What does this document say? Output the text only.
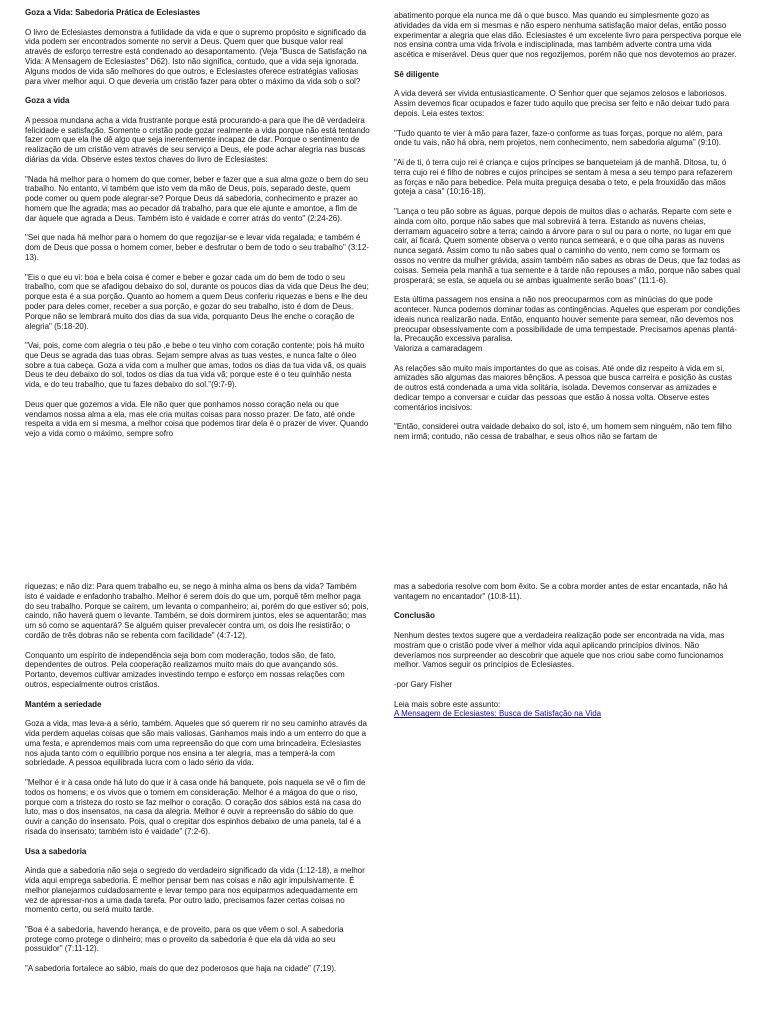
Goza a Vida: Sabedoria Prática de Eclesiastes

O livro de Eclesiastes demonstra a futilidade da vida e que o supremo propósito e significado da vida podem ser encontrados somente no servir a Deus. Quem quer que busque valor real através de esforço terrestre está condenado ao desapontamento. (Veja "Busca de Satisfação na Vida: A Mensagem de Eclesiastes" D62). Isto não significa, contudo, que a vida seja ignorada. Alguns modos de vida são melhores do que outros, e Eclesiastes oferece estratégias valiosas para viver melhor aqui. O que deveria um cristão fazer para obter o máximo da vida sob o sol?

Goza a vida

A pessoa mundana acha a vida frustrante porque está procurando-a para que lhe dê verdadeira felicidade e satisfação. Somente o cristão pode gozar realmente a vida porque não está tentando fazer com que ela lhe dê algo que seja inerentemente incapaz de dar. Porque o sentimento de realização de um cristão vem através de seu serviço a Deus, ele pode achar alegria nas buscas diárias da vida. Observe estes textos chaves do livro de Eclesiastes:

"Nada há melhor para o homem do que comer, beber e fazer que a sua alma goze o bem do seu trabalho. No entanto, vi também que isto vem da mão de Deus, pois, separado deste, quem pode comer ou quem pode alegrar-se? Porque Deus dá sabedoria, conhecimento e prazer ao homem que lhe agrada; mas ao pecador dá trabalho, para que ele ajunte e amontoe, a fim de dar àquele que agrada a Deus. Também isto é vaidade e correr atrás do vento" (2:24-26).

"Sei que nada há melhor para o homem do que regozijar-se e levar vida regalada; e também é dom de Deus que possa o homem comer, beber e desfrutar o bem de todo o seu trabalho" (3:12-13).

"Eis o que eu vi: boa e bela coisa é comer e beber e gozar cada um do bem de todo o seu trabalho, com que se afadigou debaixo do sol, durante os poucos dias da vida que Deus lhe deu; porque esta é a sua porção. Quanto ao homem a quem Deus conferiu riquezas e bens e lhe deu poder para deles comer, receber a sua porção, e gozar do seu trabalho, isto é dom de Deus. Porque não se lembrará muito dos dias da sua vida, porquanto Deus lhe enche o coração de alegria" (5:18-20).

"Vai, pois, come com alegria o teu pão ,e bebe o teu vinho com coração contente; pois há muito que Deus se agrada das tuas obras. Sejam sempre alvas as tuas vestes, e nunca falte o óleo sobre a tua cabeça. Goza a vida com a mulher que amas, todos os dias da tua vida vã, os quais Deus te deu debaixo do sol, todos os dias da tua vida vã; porque este é o teu quinhão nesta vida, e do teu trabalho, que tu fazes debaixo do sol."(9:7-9).

Deus quer que gozemos a vida. Ele não quer que ponhamos nosso coração nela ou que vendamos nossa alma a ela, mas ele cria muitas coisas para nosso prazer. De fato, até onde respeita a vida em si mesma, a melhor coisa que podemos tirar dela é o prazer de viver. Quando vejo a vida como o máximo, sempre sofro

abatimento porque ela nunca me dá o que busco. Mas quando eu simplesmente gozo as atividades da vida em si mesmas e não espero nenhuma satisfação maior delas, então posso experimentar a alegria que elas dão. Eclesiastes é um excelente livro para perspectiva porque ele nos ensina contra uma vida frívola e indisciplinada, mas também adverte contra uma vida ascética e miserável. Deus quer que nos regozijemos, porém não que nos devotemos ao prazer.

Sê diligente

A vida deverá ser vivida entusiasticamente. O Senhor quer que sejamos zelosos e laboriosos. Assim devemos ficar ocupados e fazer tudo aquilo que precisa ser feito e não deixar tudo para depois. Leia estes textos:

"Tudo quanto te vier à mão para fazer, faze-o conforme as tuas forças, porque no além, para onde tu vais, não há obra, nem projetos, nem conhecimento, nem sabedoria alguma" (9:10).

"Ai de ti, ó terra cujo rei é criança e cujos príncipes se banqueteiam já de manhã. Ditosa, tu, ó terra cujo rei é filho de nobres e cujos príncipes se sentam à mesa a seu tempo para refazerem as forças e não para bebedice. Pela muita preguiça desaba o teto, e pela frouxidão das mãos goteja a casa" (10:16-18).

"Lança o teu pão sobre as águas, porque depois de muitos dias o acharás. Reparte com sete e ainda com oito, porque não sabes que mal sobrevirá à terra. Estando as nuvens cheias, derramam aguaceiro sobre a terra; caindo a árvore para o sul ou para o norte, no lugar em que cair, aí ficará. Quem somente observa o vento nunca semeará, e o que olha paras as nuvens nunca segará. Assim como tu não sabes qual o caminho do vento, nem como se formam os ossos no ventre da mulher grávida, assim também não sabes as obras de Deus, que faz todas as coisas. Semeia pela manhã a tua semente e à tarde não repouses a mão, porque não sabes qual prosperará; se esta, se aquela ou se ambas igualmente serão boas" (11:1-6).

Esta última passagem nos ensina a não nos preocuparmos com as minúcias do que pode acontecer. Nunca podemos dominar todas as contingências. Aqueles que esperam por condições ideais nunca realizarão nada. Então, enquanto houver semente para semear, não devemos nos preocupar obsessivamente com a possibilidade de uma tempestade. Precisamos apenas plantá-la. Precaução excessiva paralisa.

Valoriza a camaradagem

As relações são muito mais importantes do que as coisas. Até onde diz respeito à vida em si, amizades são algumas das maiores bênçãos. A pessoa que busca carreira e posição às custas de outros está condenada a uma vida solitária, isolada. Devemos conservar as amizades e dedicar tempo a conversar e cuidar das pessoas que estão à nossa volta. Observe estes comentários incisivos:

"Então, considerei outra vaidade debaixo do sol, isto é, um homem sem ninguém, não tem filho nem irmã; contudo, não cessa de trabalhar, e seus olhos não se fartam de

riquezas; e não diz: Para quem trabalho eu, se nego à minha alma os bens da vida? Também isto é vaidade e enfadonho trabalho. Melhor é serem dois do que um, porquê têm melhor paga do seu trabalho. Porque se caírem, um levanta o companheiro; ai, porém do que estiver só; pois, caindo, não haverá quem o levante. Também, se dois dormirem juntos, eles se aquentarão; mas um só como se aquentará? Se alguém quiser prevalecer contra um, os dois lhe resistirão; o cordão de três dobras não se rebenta com facilidade" (4:7-12).

Conquanto um espírito de independência seja bom com moderação, todos são, de fato, dependentes de outros. Pela cooperação realizamos muito mais do que avançando sós. Portanto, devemos cultivar amizades investindo tempo e esforço em nossas relações com outros, especialmente outros cristãos.

Mantém a seriedade

Goza a vida, mas leva-a a sério, também. Aqueles que só querem rir no seu caminho através da vida perdem aquelas coisas que são mais valiosas. Ganhamos mais indo a um enterro do que a uma festa, e aprendemos mais com uma repreensão do que com uma brincadeira. Eclesiastes nos ajuda tanto com o equilíbrio porque nos ensina a ter alegria, mas a temperá-la com sobriedade. A pessoa equilibrada lucra com o lado sério da vida.

"Melhor é ir à casa onde há luto do que ir à casa onde há banquete, pois naquela se vê o fim de todos os homens; e os vivos que o tomem em consideração. Melhor é a mágoa do que o riso, porque com a tristeza do rosto se faz melhor o coração. O coração dos sábios está na casa do luto, mas o dos insensatos, na casa da alegria. Melhor é ouvir a repreensão do sábio do que ouvir a canção do insensato. Pois, qual o crepitar dos espinhos debaixo de uma panela, tal é a risada do insensato; também isto é vaidade" (7:2-6).

Usa a sabedoria

Ainda que a sabedoria não seja o segredo do verdadeiro significado da vida (1:12-18), a melhor vida aqui emprega sabedoria. É melhor pensar bem nas coisas e não agir impulsivamente. É melhor planejarmos cuidadosamente e levar tempo para nos equiparmos adequadamente em vez de apressar-nos a uma dada tarefa. Por outro lado, precisamos fazer certas coisas no momento certo, ou será muito tarde.

"Boa é a sabedoria, havendo herança, e de proveito, para os que vêem o sol. A sabedoria protege como protege o dinheiro; mas o proveito da sabedoria é que ela dá vida ao seu possuidor" (7:11-12).

"A sabedoria fortalece ao sábio, mais do que dez poderosos que haja na cidade" (7:19).

mas a sabedoria resolve com bom êxito. Se a cobra morder antes de estar encantada, não há vantagem no encantador" (10:8-11).

Conclusão

Nenhum destes textos sugere que a verdadeira realização pode ser encontrada na vida, mas mostram que o cristão pode viver a melhor vida aqui aplicando princípios divinos. Não deveríamos nos surpreender ao descobrir que aquele que nos criou sabe como funcionamos melhor. Vamos seguir os princípios de Eclesiastes.

-por Gary Fisher

Leia mais sobre este assunto:

A Mensagem de Eclesiastes: Busca de Satisfação na Vida
